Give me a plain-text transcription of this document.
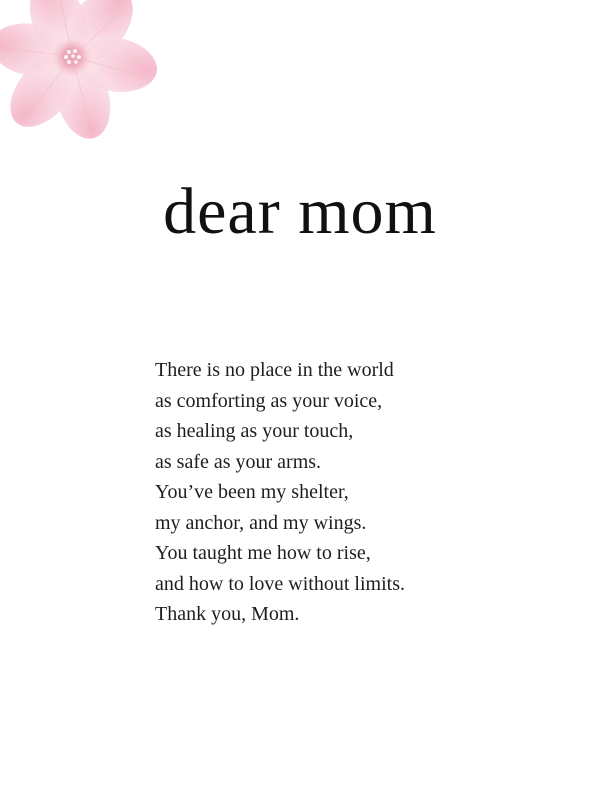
dear mom
There is no place in the world
as comforting as your voice,
as healing as your touch,
as safe as your arms.
You’ve been my shelter,
my anchor, and my wings.
You taught me how to rise,
and how to love without limits.
Thank you, Mom.
